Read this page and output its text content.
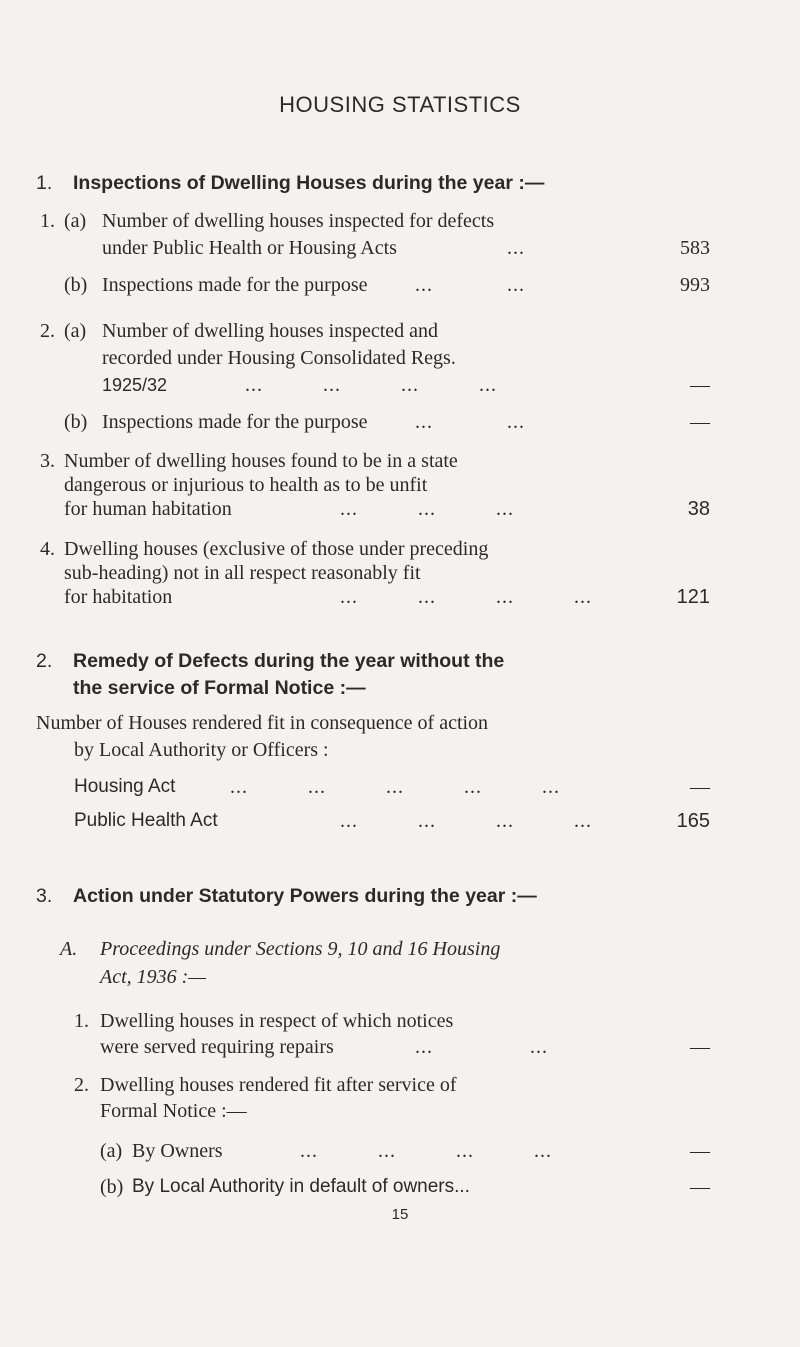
HOUSING STATISTICS
1. Inspections of Dwelling Houses during the year :—
1. (a) Number of dwelling houses inspected for defects
under Public Health or Housing Acts	...	583
(b) Inspections made for the purpose ...	...	993
2. (a) Number of dwelling houses inspected and
recorded under Housing Consolidated Regs.
1925/32	...          ...          ...          ...	—
(b) Inspections made for the purpose ...	...	—
3. Number of dwelling houses found to be in a state
dangerous or injurious to health as to be unfit
for human habitation	...          ...          ...	38
4. Dwelling houses (exclusive of those under preceding
sub-heading) not in all respect reasonably fit
for habitation	...          ...          ...          ...	121
2. Remedy of Defects during the year without the
the service of Formal Notice :—
Number of Houses rendered fit in consequence of action
by Local Authority or Officers :
Housing Act	...          ...          ...          ...          ...	—
Public Health Act	...          ...          ...          ...	165
3. Action under Statutory Powers during the year :—
A. Proceedings under Sections 9, 10 and 16 Housing
Act, 1936 :—
1. Dwelling houses in respect of which notices
were served requiring repairs	...	...	—
2. Dwelling houses rendered fit after service of
Formal Notice :—
(a) By Owners	...          ...          ...          ...	—
(b) By Local Authority in default of owners...	—
15
